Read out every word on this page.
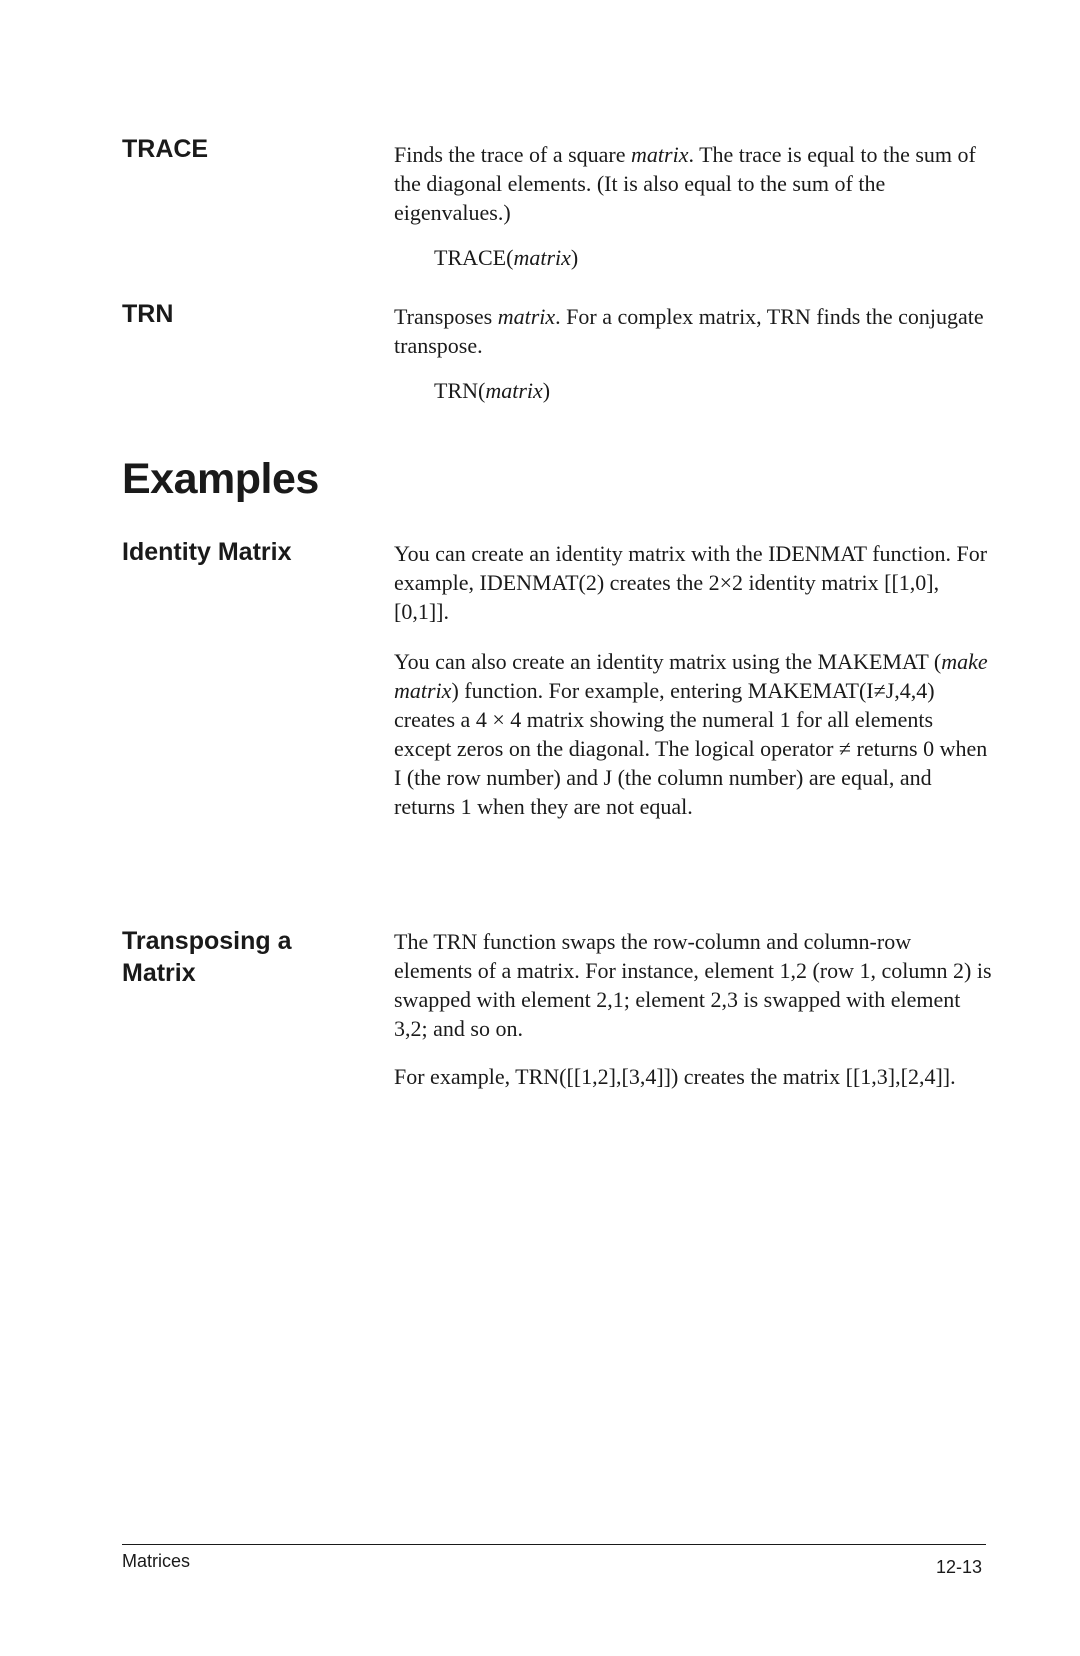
TRACE	Finds the trace of a square matrix. The trace is equal to the sum of the diagonal elements. (It is also equal to the sum of the eigenvalues.)

TRACE(matrix)

TRN	Transposes matrix. For a complex matrix, TRN finds the conjugate transpose.

TRN(matrix)

Examples
Identity Matrix	You can create an identity matrix with the IDENMAT function. For example, IDENMAT(2) creates the 2×2 identity matrix [[1,0],[0,1]].

You can also create an identity matrix using the MAKEMAT (make matrix) function. For example, entering MAKEMAT(I≠J,4,4) creates a 4 × 4 matrix showing the numeral 1 for all elements except zeros on the diagonal. The logical operator ≠ returns 0 when I (the row number) and J (the column number) are equal, and returns 1 when they are not equal.

Transposing a
Matrix

The TRN function swaps the row-column and column-row elements of a matrix. For instance, element 1,2 (row 1, column 2) is swapped with element 2,1; element 2,3 is swapped with element 3,2; and so on.

For example, TRN([[1,2],[3,4]]) creates the matrix [[1,3],[2,4]].

Matrices	12-13
